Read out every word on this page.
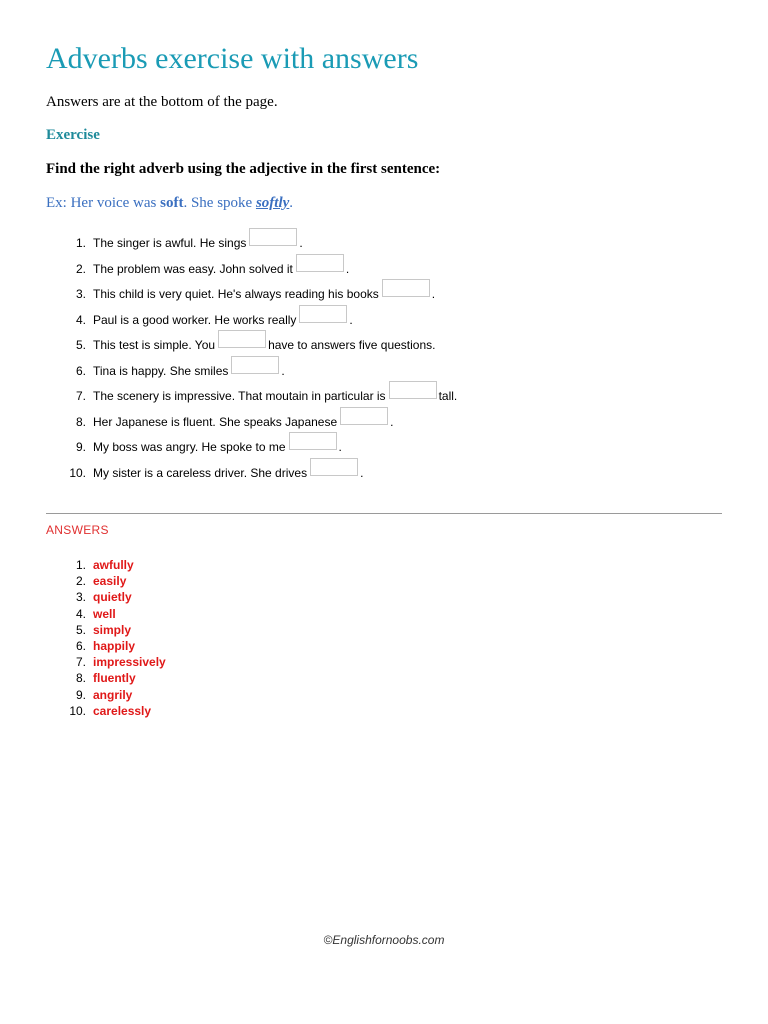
Adverbs exercise with answers
Answers are at the bottom of the page.
Exercise
Find the right adverb using the adjective in the first sentence:
Ex: Her voice was soft. She spoke softly.
1. The singer is awful. He sings	.
2. The problem was easy. John solved it	.
3. This child is very quiet. He's always reading his books	.
4. Paul is a good worker. He works really	.
5. This test is simple. You	have to answers five questions.
6. Tina is happy. She smiles	.
7. The scenery is impressive. That moutain in particular is	tall.
8. Her Japanese is fluent. She speaks Japanese	.
9. My boss was angry. He spoke to me	.
10. My sister is a careless driver. She drives	.
ANSWERS
1. awfully
2. easily
3. quietly
4. well
5. simply
6. happily
7. impressively
8. fluently
9. angrily
10. carelessly
©Englishfornoobs.com
